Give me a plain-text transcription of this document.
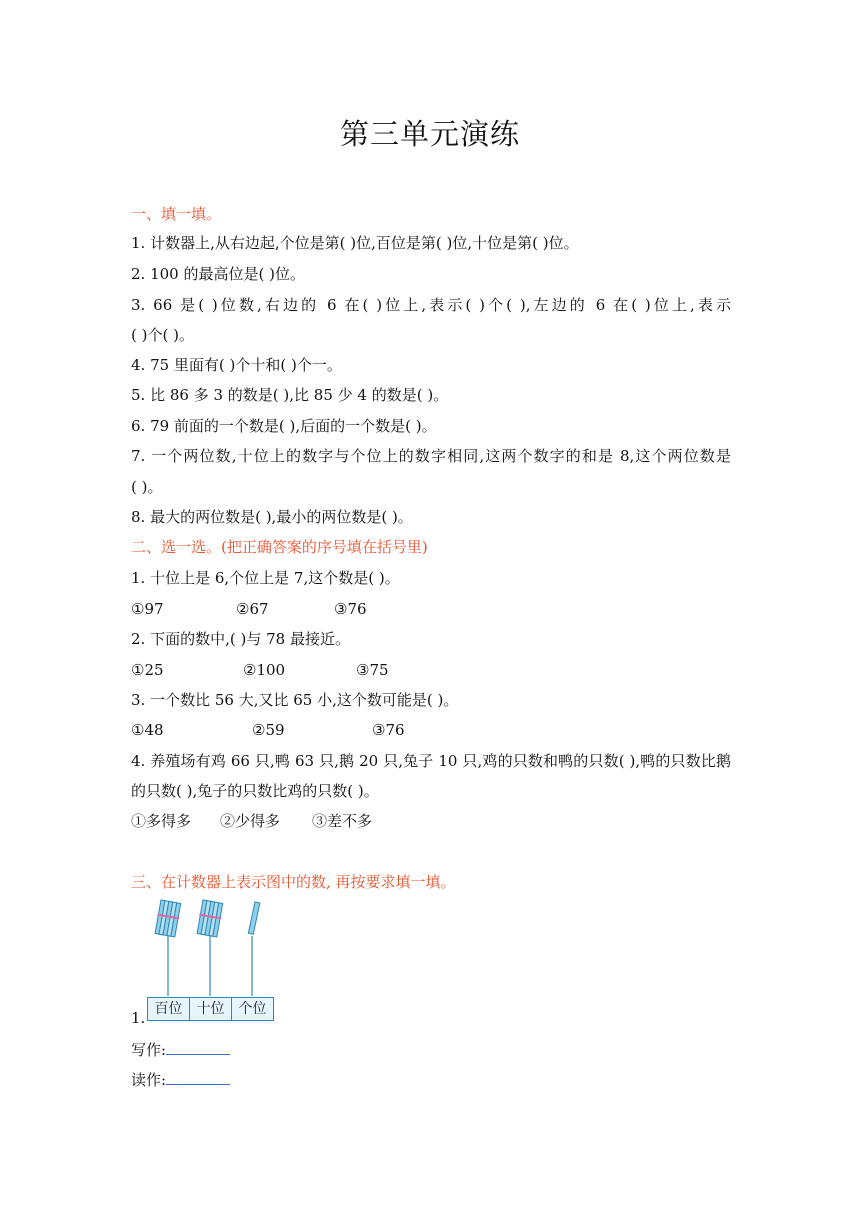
第三单元演练
一、填一填。
1. 计数器上,从右边起,个位是第( )位,百位是第( )位,十位是第( )位。
2. 100 的最高位是( )位。
3. 66 是( )位数,右边的 6 在( )位上,表示( )个( ),左边的 6 在( )位上,表示
( )个( )。
4. 75 里面有( )个十和( )个一。
5. 比 86 多 3 的数是( ),比 85 少 4 的数是( )。
6. 79 前面的一个数是( ),后面的一个数是( )。
7. 一个两位数,十位上的数字与个位上的数字相同,这两个数字的和是 8,这个两位数是
( )。
8. 最大的两位数是( ),最小的两位数是( )。
二、选一选。(把正确答案的序号填在括号里)
1. 十位上是 6,个位上是 7,这个数是( )。
①97	②67	③76
2. 下面的数中,( )与 78 最接近。
①25	②100	③75
3. 一个数比 56 大,又比 65 小,这个数可能是( )。
①48	②59	③76
4. 养殖场有鸡 66 只,鸭 63 只,鹅 20 只,兔子 10 只,鸡的只数和鸭的只数( ),鸭的只数比鹅
的只数( ),兔子的只数比鸡的只数( )。
①多得多 ②少得多 ③差不多
三、在计数器上表示图中的数, 再按要求填一填。
百位	十位	个位
1.
写作:
读作:
